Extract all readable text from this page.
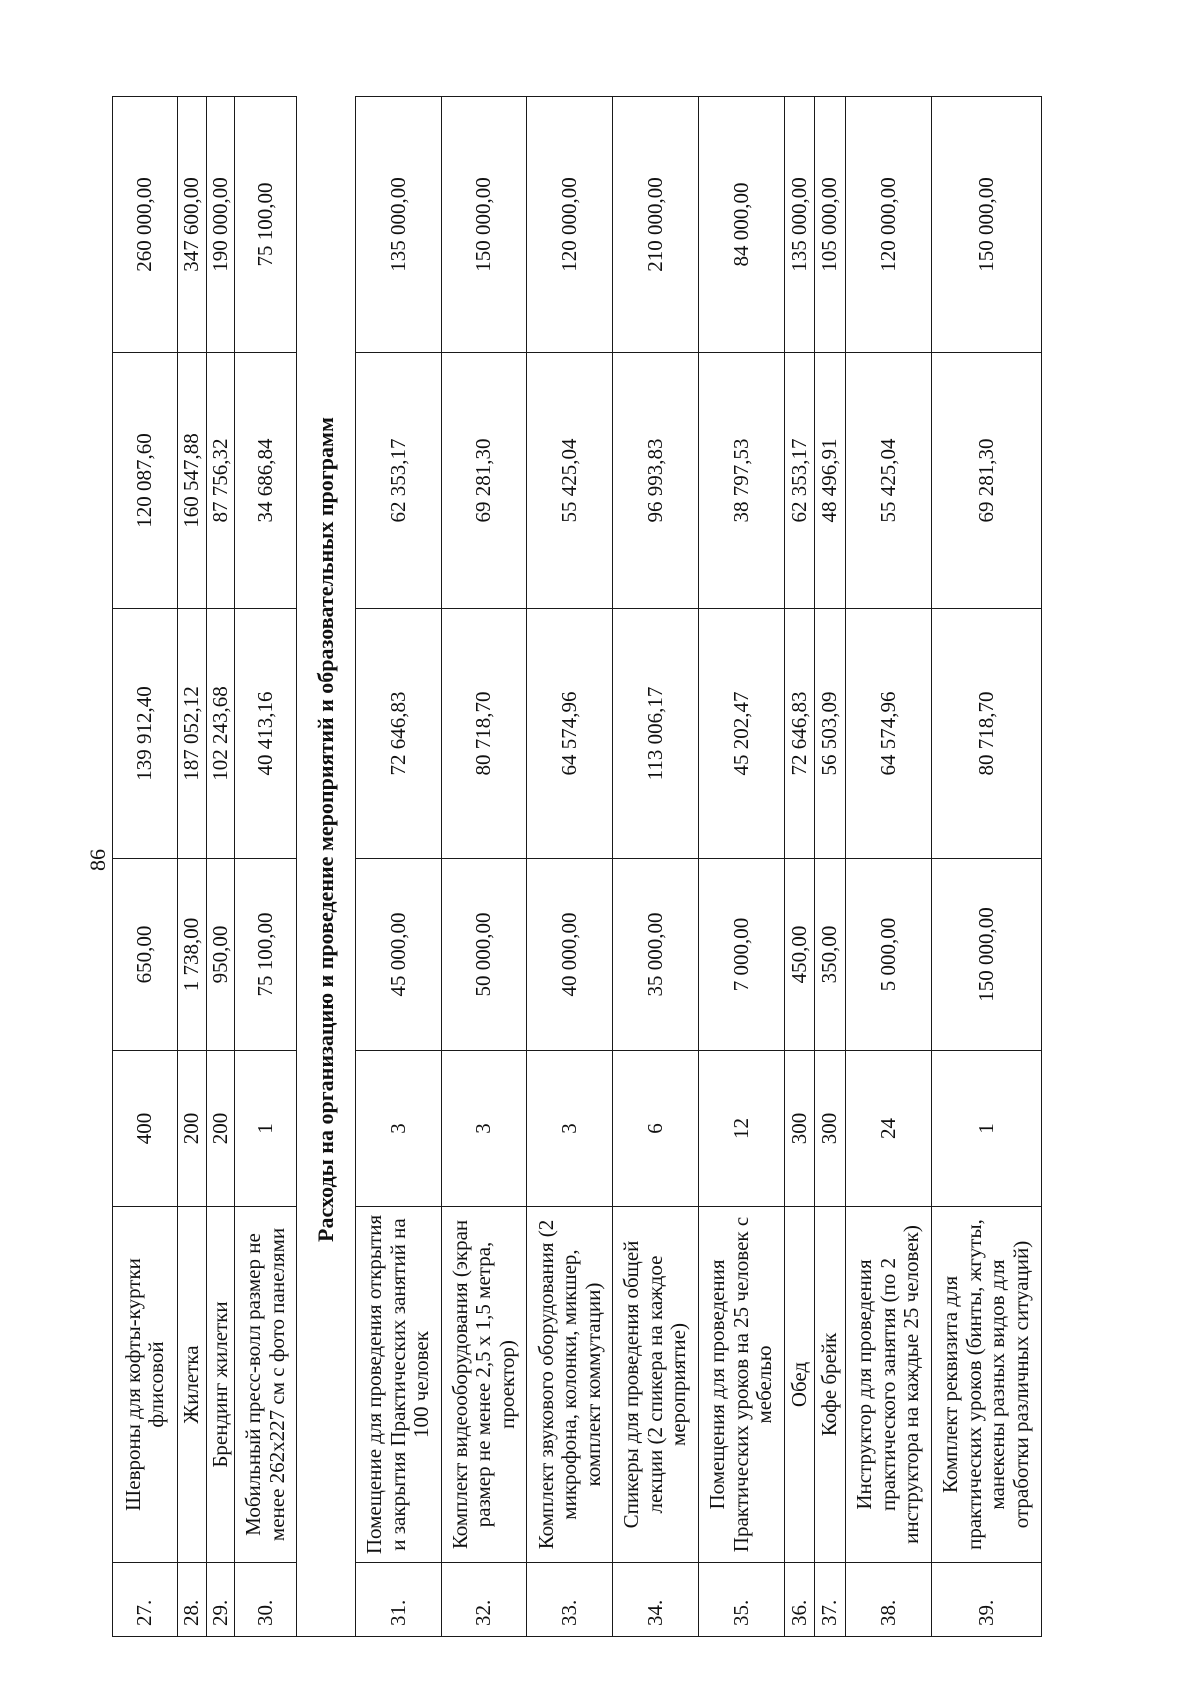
86
27.	Шевроны для кофты-куртки флисовой	400	650,00	139 912,40	120 087,60	260 000,00
28.	Жилетка	200	1 738,00	187 052,12	160 547,88	347 600,00
29.	Брендинг жилетки	200	950,00	102 243,68	87 756,32	190 000,00
30.	Мобильный пресс-волл размер не менее 262x227 см с фото панелями	1	75 100,00	40 413,16	34 686,84	75 100,00
	Расходы на организацию и проведение мероприятий и образовательных программ					
31.	Помещение для проведения открытия и закрытия Практических занятий на 100 человек	3	45 000,00	72 646,83	62 353,17	135 000,00
32.	Комплект видеооборудования (экран размер не менее 2,5 х 1,5 метра, проектор)	3	50 000,00	80 718,70	69 281,30	150 000,00
33.	Комплект звукового оборудования (2 микрофона, колонки, микшер, комплект коммутации)	3	40 000,00	64 574,96	55 425,04	120 000,00
34.	Спикеры для проведения общей лекции (2 спикера на каждое мероприятие)	6	35 000,00	113 006,17	96 993,83	210 000,00
35.	Помещения для проведения Практических уроков на 25 человек с мебелью	12	7 000,00	45 202,47	38 797,53	84 000,00
36.	Обед	300	450,00	72 646,83	62 353,17	135 000,00
37.	Кофе брейк	300	350,00	56 503,09	48 496,91	105 000,00
38.	Инструктор для проведения практического занятия (по 2 инструктора на каждые 25 человек)	24	5 000,00	64 574,96	55 425,04	120 000,00
39.	Комплект реквизита для практических уроков (бинты, жгуты, манекены разных видов для отработки различных ситуаций)	1	150 000,00	80 718,70	69 281,30	150 000,00
